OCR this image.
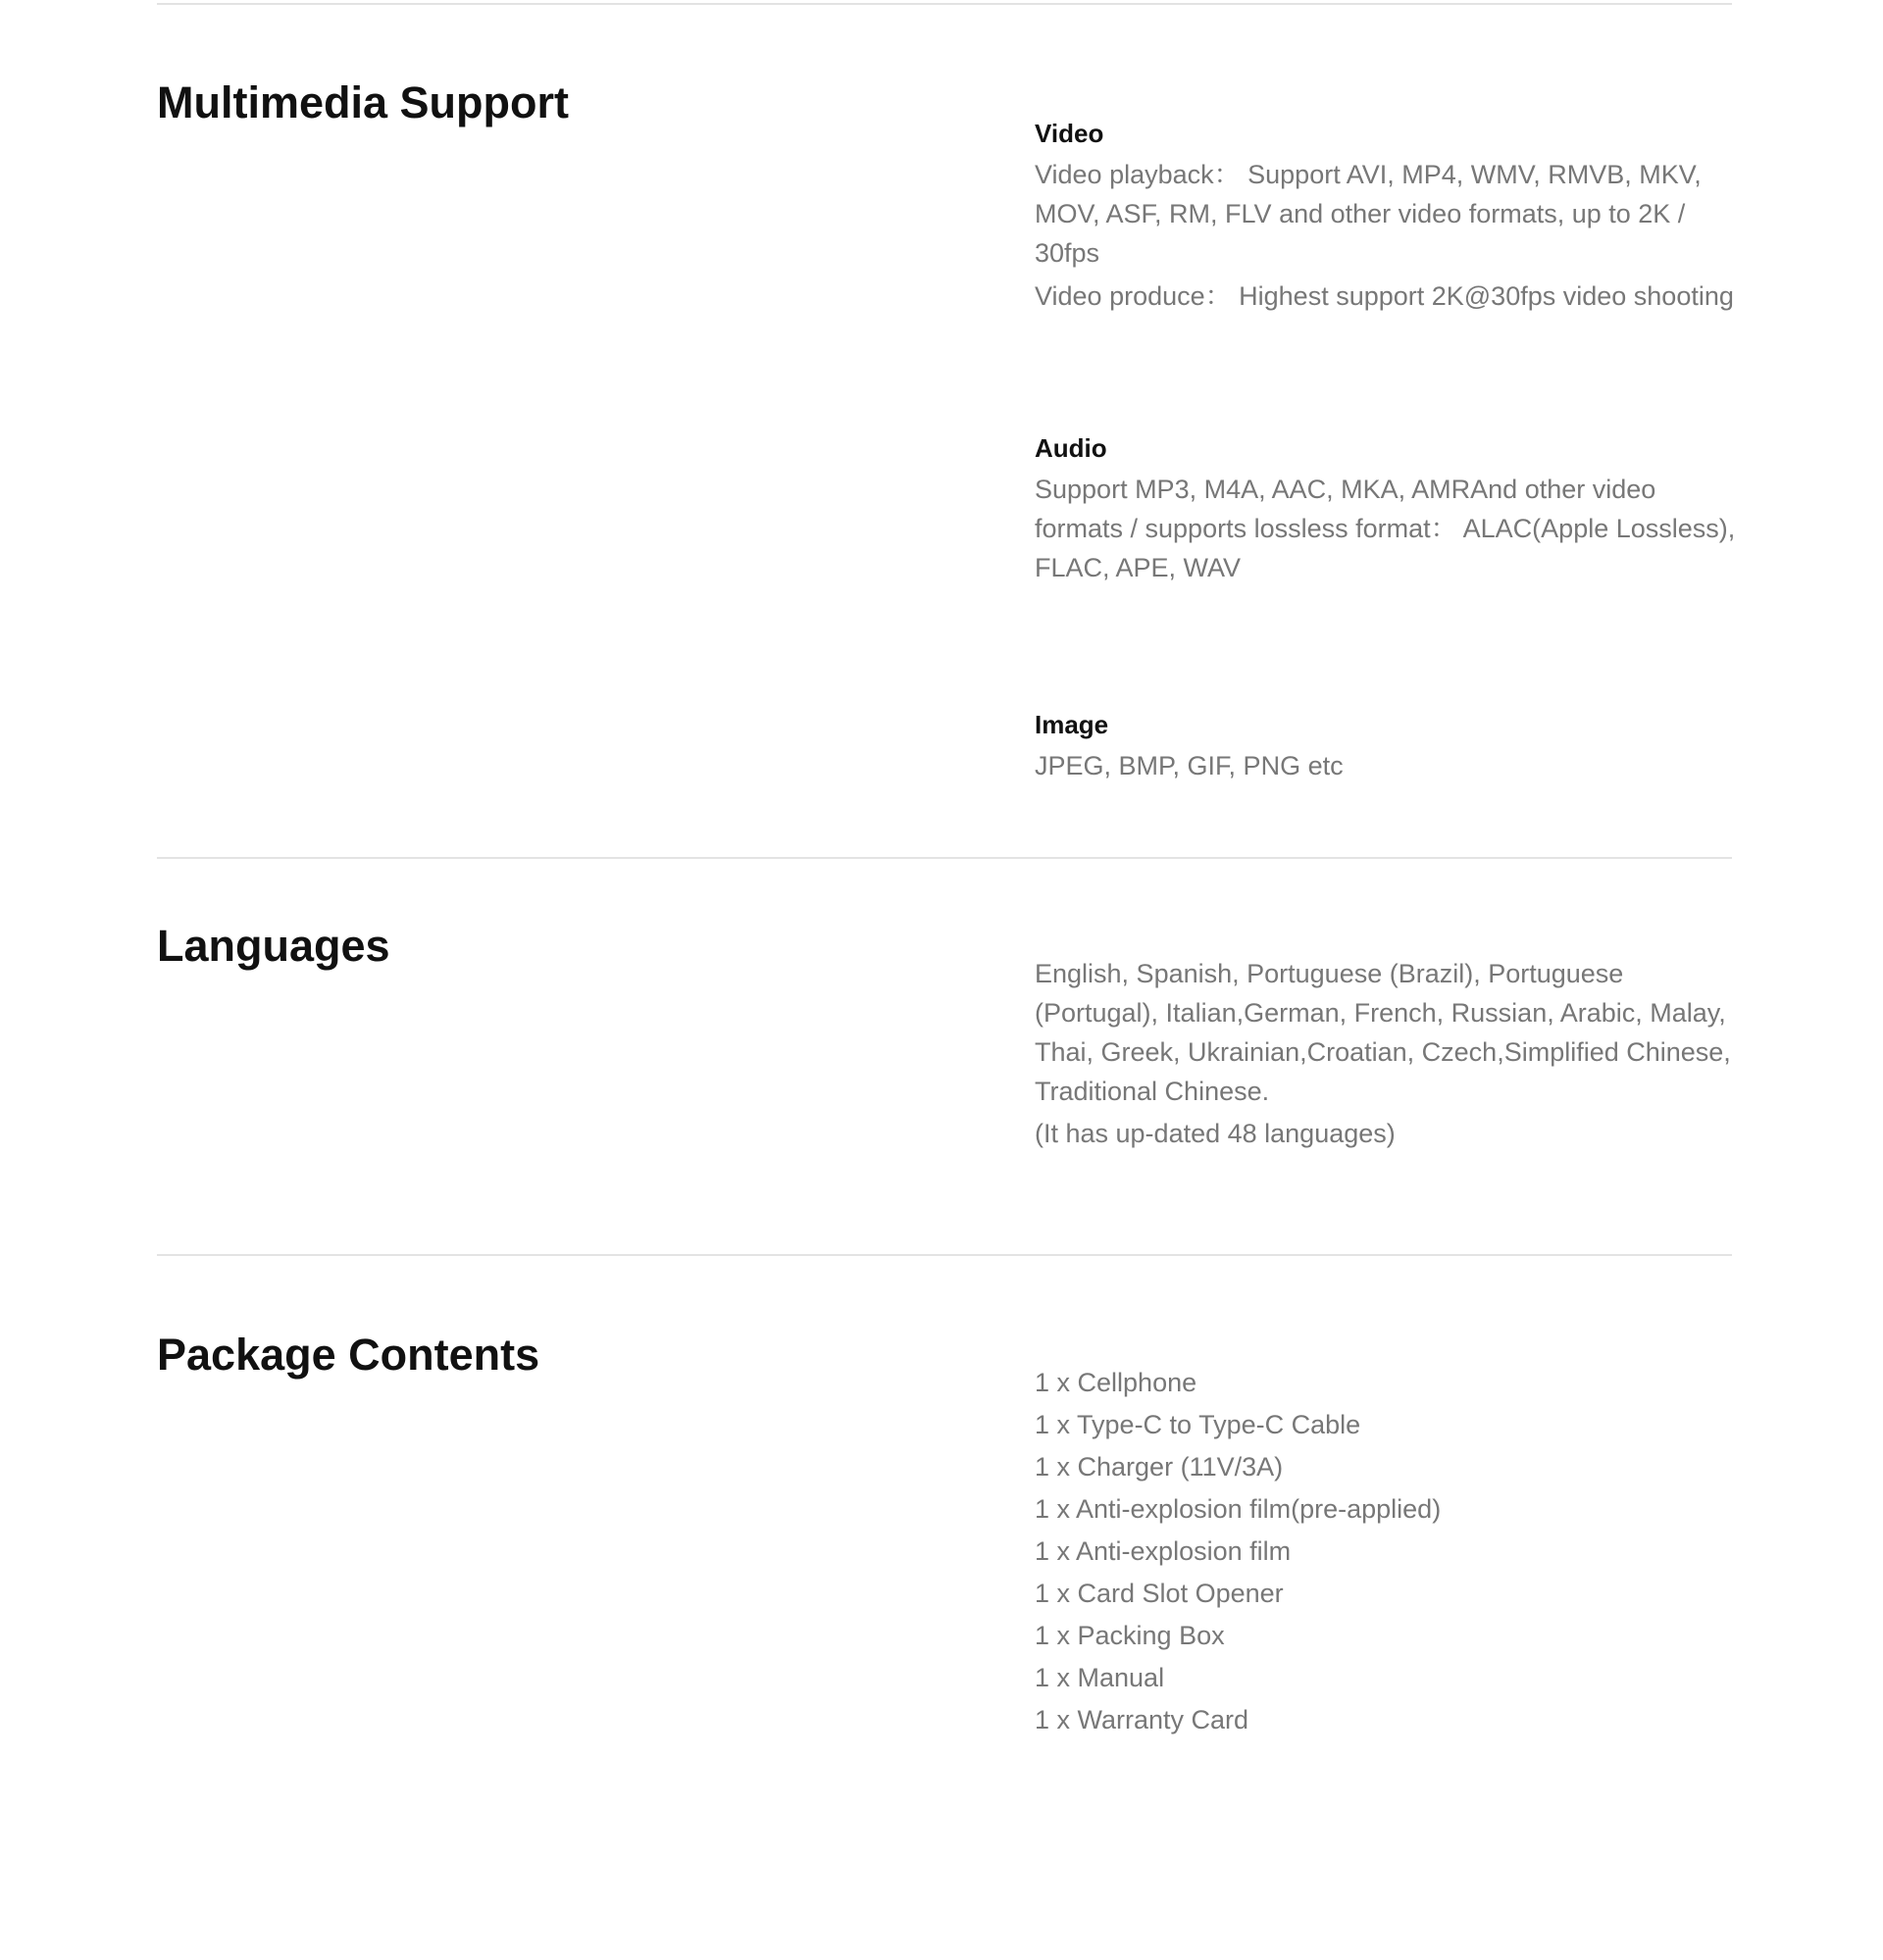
Multimedia Support
Video

Video playback： Support AVI, MP4, WMV, RMVB, MKV, MOV, ASF, RM, FLV and other video formats, up to 2K / 30fps

Video produce： Highest support 2K@30fps video shooting

Audio

Support MP3, M4A, AAC, MKA, AMRAnd other video formats / supports lossless format： ALAC(Apple Lossless), FLAC, APE, WAV

Image

JPEG, BMP, GIF, PNG etc

Languages

English, Spanish, Portuguese (Brazil), Portuguese (Portugal), Italian,German, French, Russian, Arabic, Malay, Thai, Greek, Ukrainian,Croatian, Czech,Simplified Chinese, Traditional Chinese.

(It has up-dated 48 languages)

Package Contents
1 x Cellphone
1 x Type-C to Type-C Cable
1 x Charger (11V/3A)
1 x Anti-explosion film(pre-applied)
1 x Anti-explosion film
1 x Card Slot Opener
1 x Packing Box
1 x Manual
1 x Warranty Card
